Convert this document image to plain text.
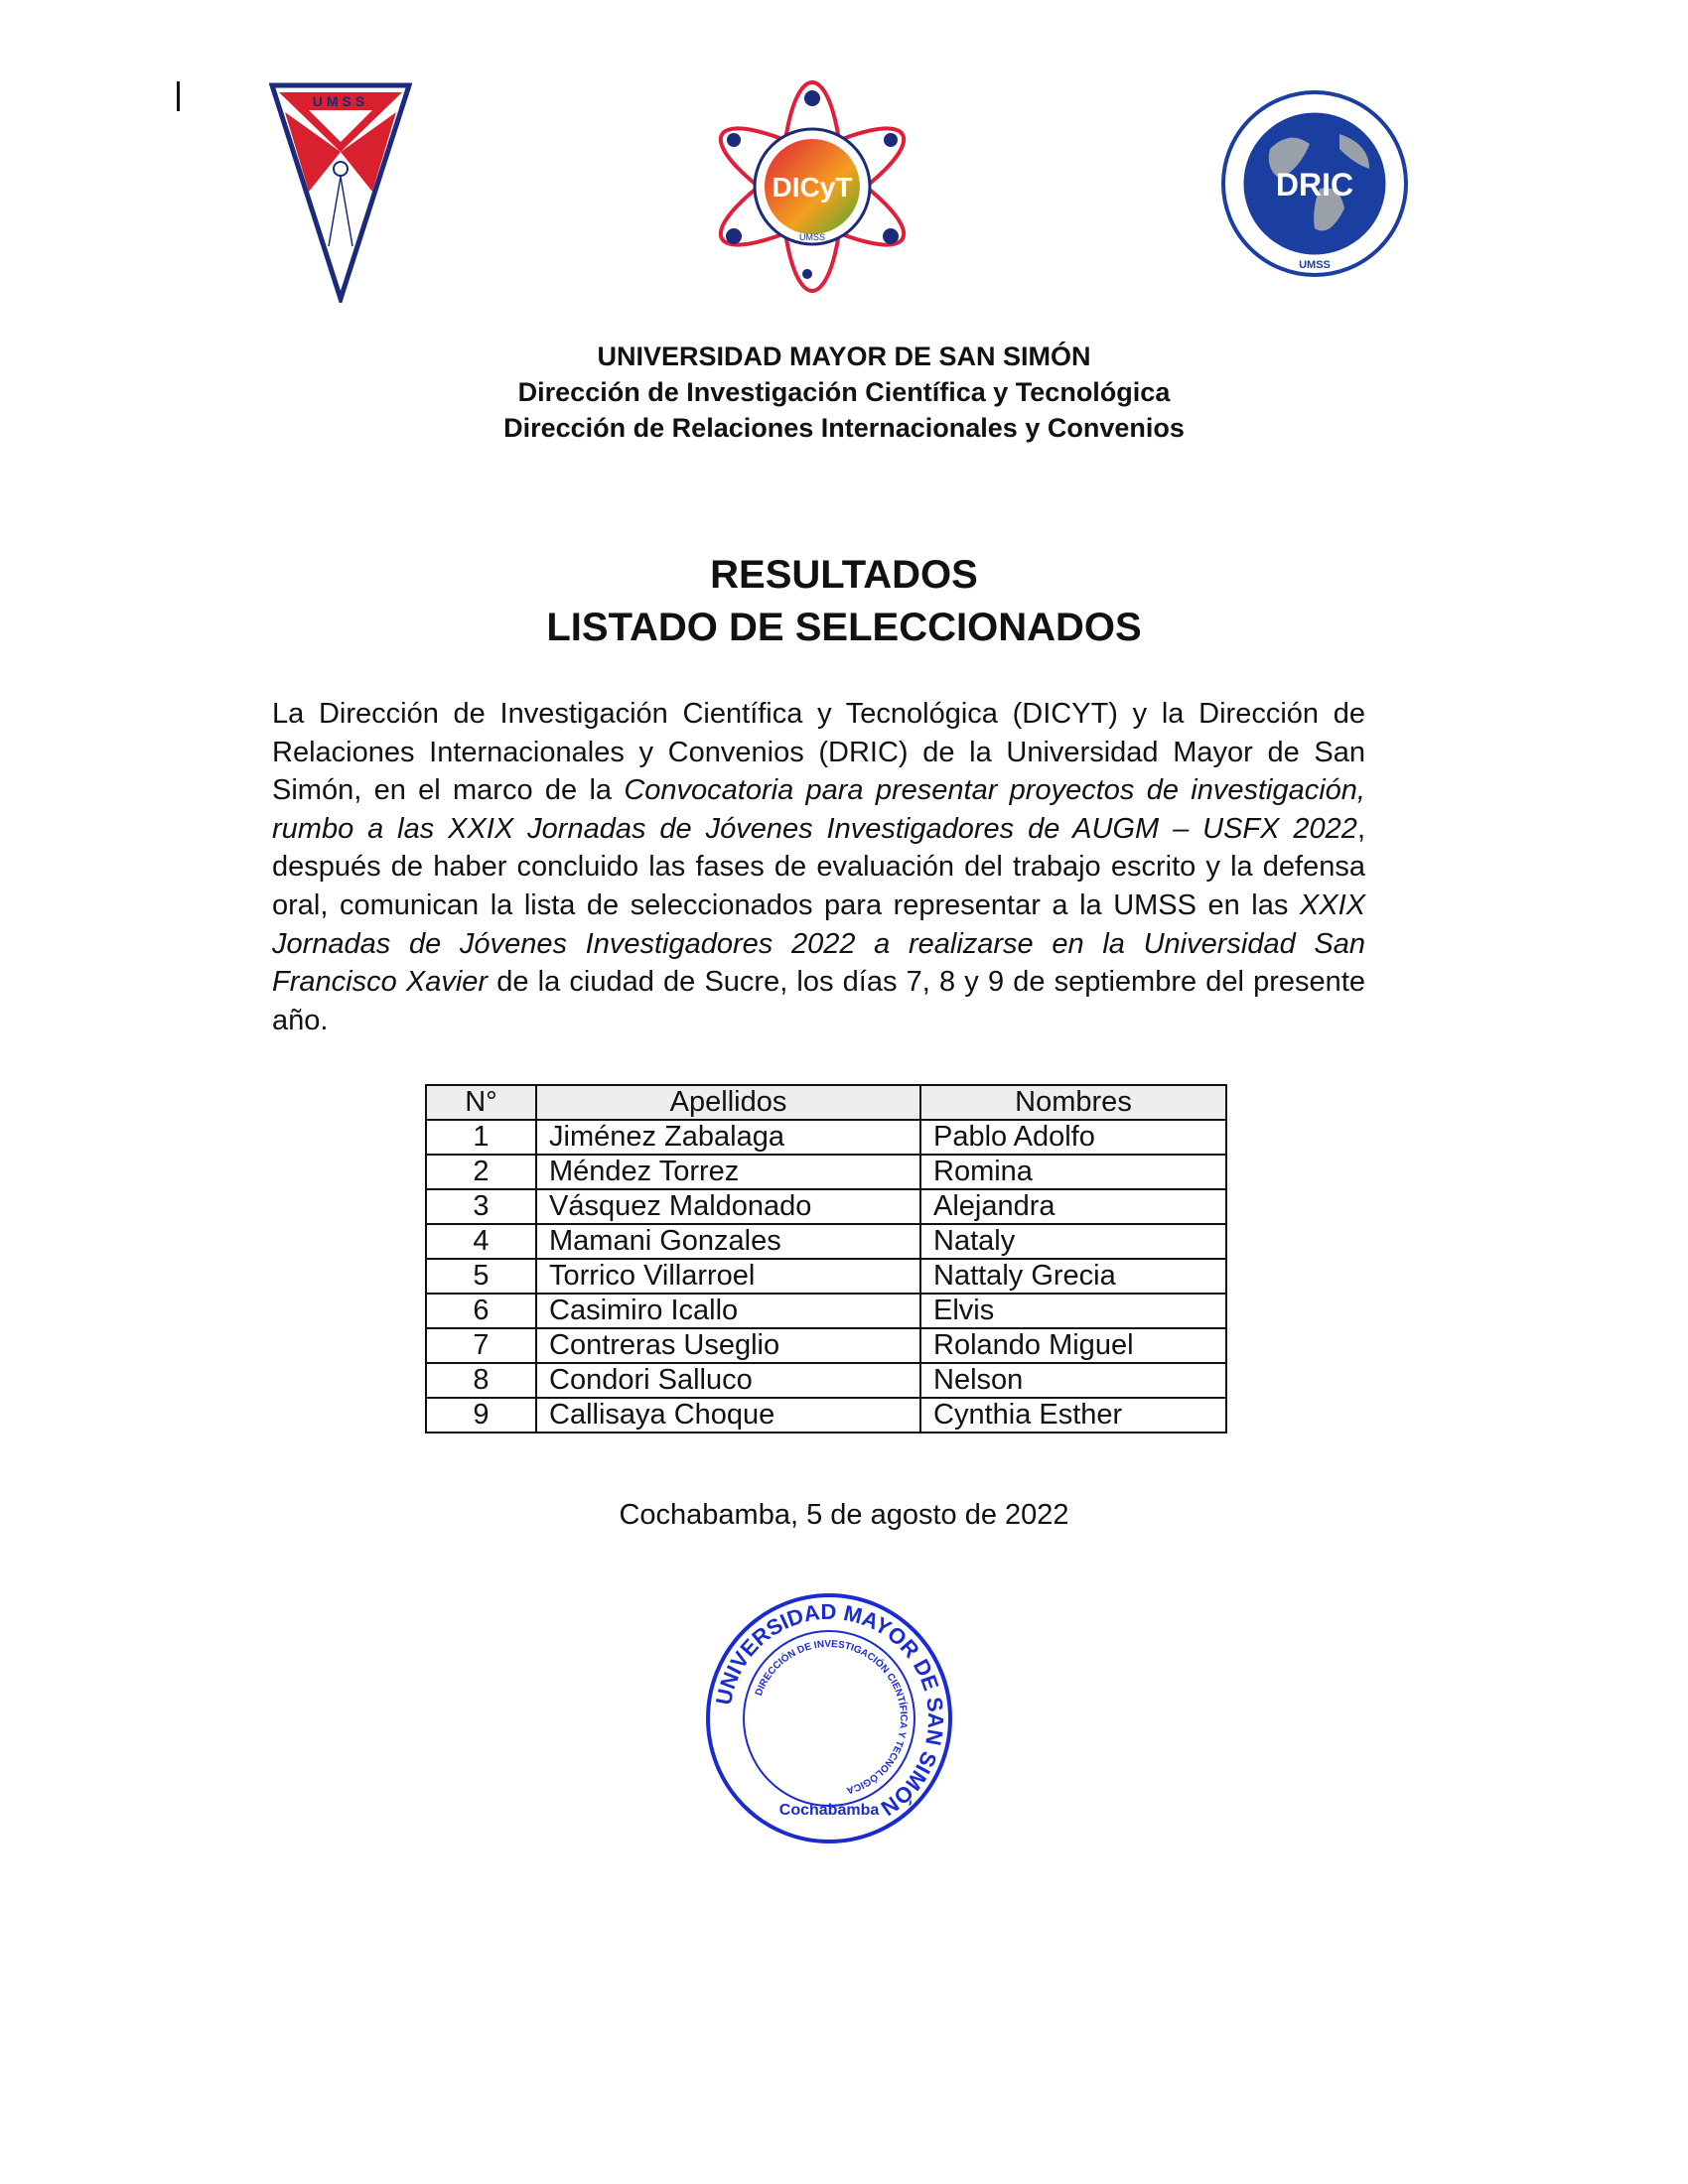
UMSS
DICyT
UMSS
DRIC
UMSS
UNIVERSIDAD MAYOR DE SAN SIMÓN
Dirección de Investigación Científica y Tecnológica
Dirección de Relaciones Internacionales y Convenios
RESULTADOS
LISTADO DE SELECCIONADOS
La Dirección de Investigación Científica y Tecnológica (DICYT) y la Dirección de Relaciones Internacionales y Convenios (DRIC) de la Universidad Mayor de San Simón, en el marco de la Convocatoria para presentar proyectos de investigación, rumbo a las XXIX Jornadas de Jóvenes Investigadores de AUGM – USFX 2022, después de haber concluido las fases de evaluación del trabajo escrito y la defensa oral, comunican la lista de seleccionados para representar a la UMSS en las XXIX Jornadas de Jóvenes Investigadores 2022 a realizarse en la Universidad San Francisco Xavier de la ciudad de Sucre, los días 7, 8 y 9 de septiembre del presente año.
N°	Apellidos	Nombres
1	Jiménez Zabalaga	Pablo Adolfo
2	Méndez Torrez	Romina
3	Vásquez Maldonado	Alejandra
4	Mamani Gonzales	Nataly
5	Torrico Villarroel	Nattaly Grecia
6	Casimiro Icallo	Elvis
7	Contreras Useglio	Rolando Miguel
8	Condori Salluco	Nelson
9	Callisaya Choque	Cynthia Esther
Cochabamba, 5 de agosto de 2022
UNIVERSIDAD MAYOR DE SAN SIMÓN
DIRECCIÓN DE INVESTIGACIÓN CIENTÍFICA Y TECNOLÓGICA
Cochabamba
